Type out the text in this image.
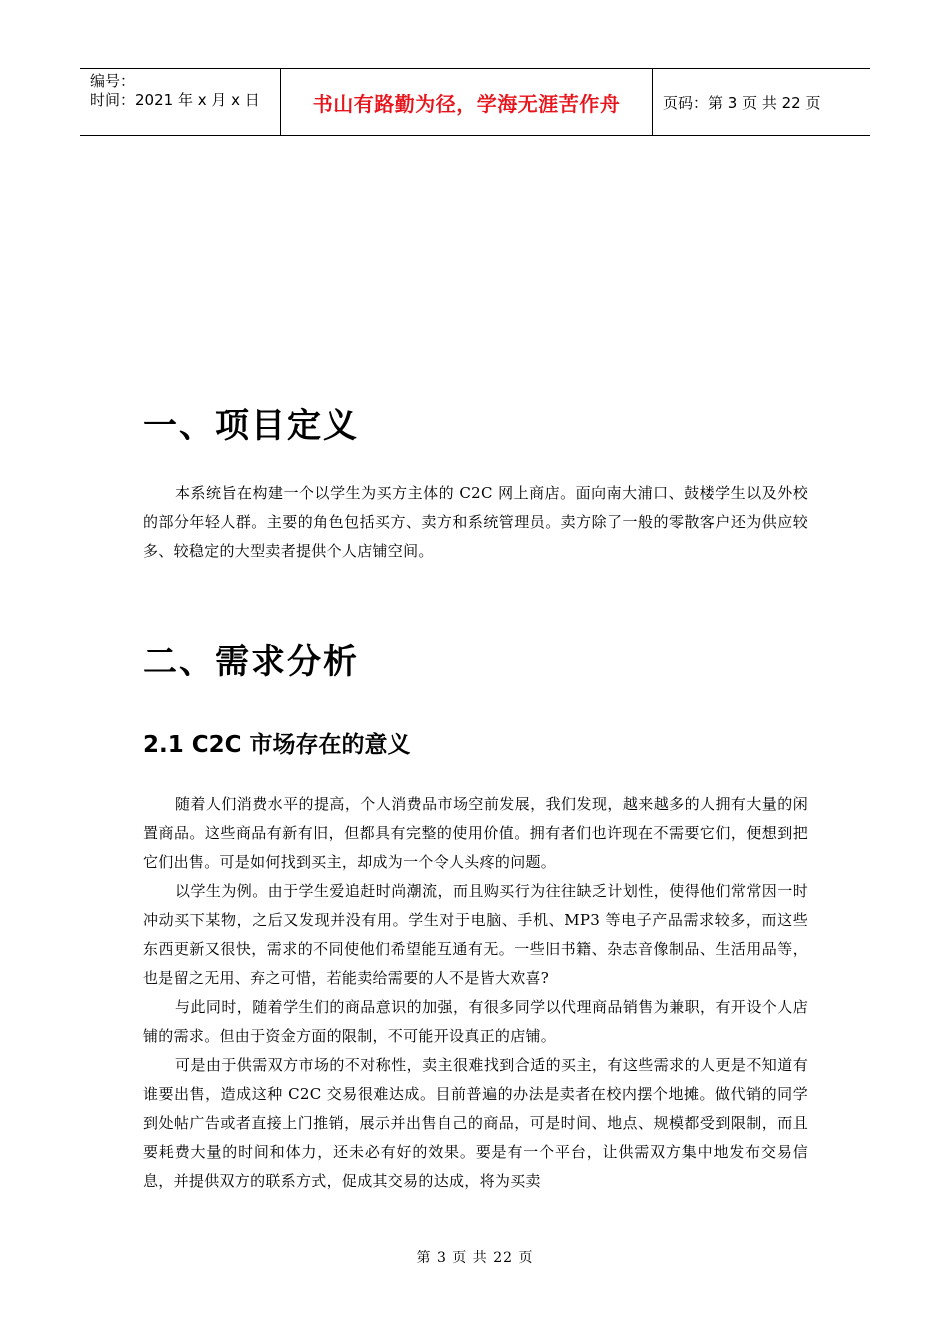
编号：
时间：2021 年 x 月 x 日	书山有路勤为径，学海无涯苦作舟	页码：第 3 页 共 22 页
一、项目定义

本系统旨在构建一个以学生为买方主体的 C2C 网上商店。面向南大浦口、鼓楼学生以及外校的部分年轻人群。主要的角色包括买方、卖方和系统管理员。卖方除了一般的零散客户还为供应较多、较稳定的大型卖者提供个人店铺空间。

二、需求分析
2.1 C2C 市场存在的意义

随着人们消费水平的提高，个人消费品市场空前发展，我们发现，越来越多的人拥有大量的闲置商品。这些商品有新有旧，但都具有完整的使用价值。拥有者们也许现在不需要它们，便想到把它们出售。可是如何找到买主，却成为一个令人头疼的问题。

以学生为例。由于学生爱追赶时尚潮流，而且购买行为往往缺乏计划性，使得他们常常因一时冲动买下某物，之后又发现并没有用。学生对于电脑、手机、MP3 等电子产品需求较多，而这些东西更新又很快，需求的不同使他们希望能互通有无。一些旧书籍、杂志音像制品、生活用品等，也是留之无用、弃之可惜，若能卖给需要的人不是皆大欢喜?

与此同时，随着学生们的商品意识的加强，有很多同学以代理商品销售为兼职，有开设个人店铺的需求。但由于资金方面的限制，不可能开设真正的店铺。

可是由于供需双方市场的不对称性，卖主很难找到合适的买主，有这些需求的人更是不知道有谁要出售，造成这种 C2C 交易很难达成。目前普遍的办法是卖者在校内摆个地摊。做代销的同学到处帖广告或者直接上门推销，展示并出售自己的商品，可是时间、地点、规模都受到限制，而且要耗费大量的时间和体力，还未必有好的效果。要是有一个平台，让供需双方集中地发布交易信息，并提供双方的联系方式，促成其交易的达成，将为买卖

第 3 页 共 22 页
